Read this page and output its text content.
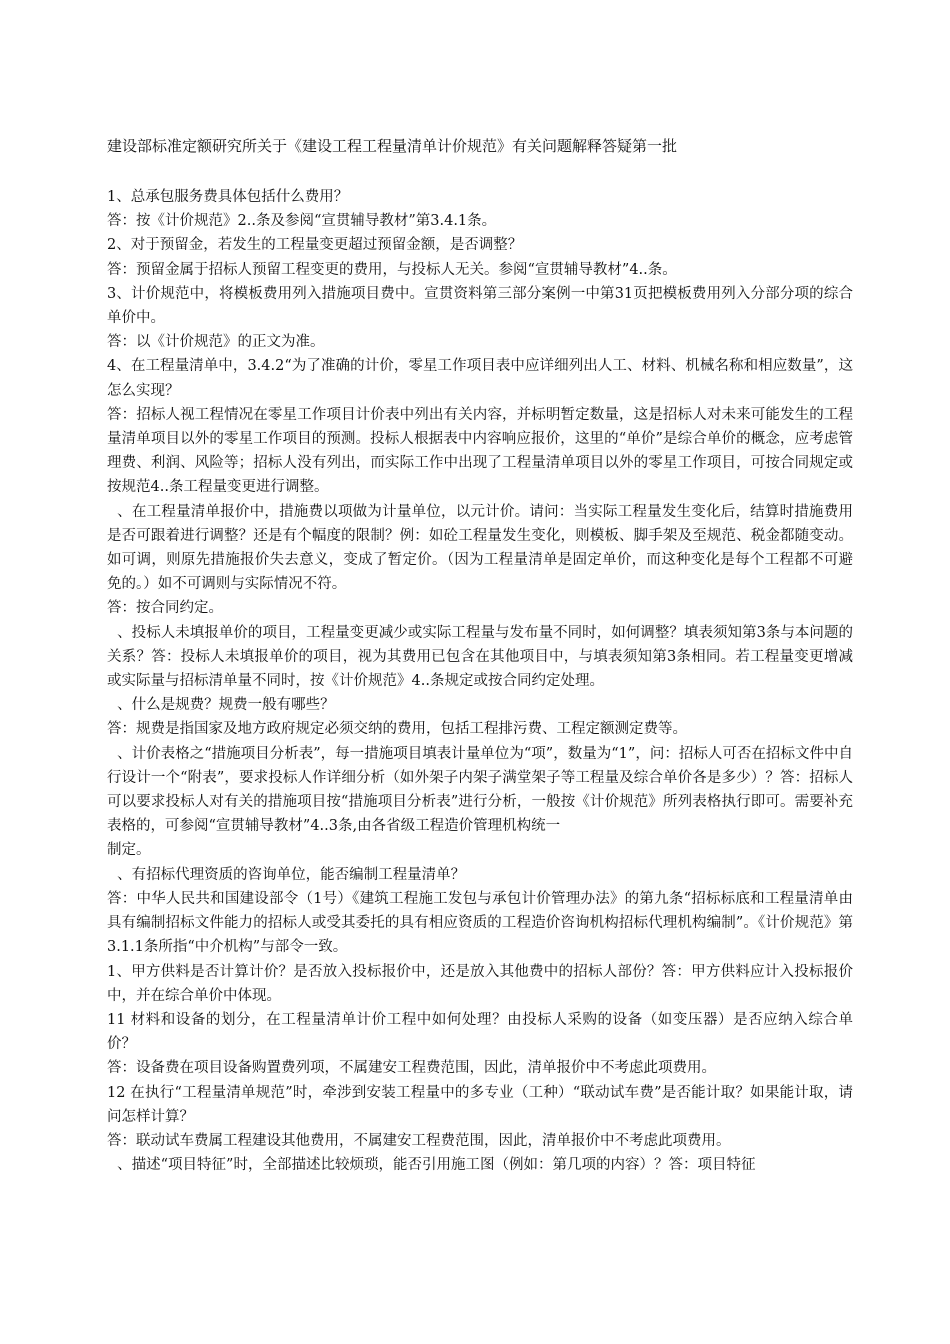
建设部标准定额研究所关于《建设工程工程量清单计价规范》有关问题解释答疑第一批

1、总承包服务费具体包括什么费用？

答：按《计价规范》2..条及参阅“宣贯辅导教材”第3.4.1条。

2、对于预留金，若发生的工程量变更超过预留金额，是否调整？

答：预留金属于招标人预留工程变更的费用，与投标人无关。参阅“宣贯辅导教材”4..条。

3、计价规范中，将模板费用列入措施项目费中。宣贯资料第三部分案例一中第31页把模板费用列入分部分项的综合单价中。

答：以《计价规范》的正文为准。

4、在工程量清单中，3.4.2“为了准确的计价，零星工作项目表中应详细列出人工、材料、机械名称和相应数量”，这怎么实现？

答：招标人视工程情况在零星工作项目计价表中列出有关内容，并标明暂定数量，这是招标人对未来可能发生的工程量清单项目以外的零星工作项目的预测。投标人根据表中内容响应报价，这里的“单价”是综合单价的概念，应考虑管理费、利润、风险等；招标人没有列出，而实际工作中出现了工程量清单项目以外的零星工作项目，可按合同规定或按规范4..条工程量变更进行调整。

、在工程量清单报价中，措施费以项做为计量单位，以元计价。请问：当实际工程量发生变化后，结算时措施费用是否可跟着进行调整？还是有个幅度的限制？例：如砼工程量发生变化，则模板、脚手架及至规范、税金都随变动。如可调，则原先措施报价失去意义，变成了暂定价。（因为工程量清单是固定单价，而这种变化是每个工程都不可避免的。）如不可调则与实际情况不符。

答：按合同约定。

、投标人未填报单价的项目，工程量变更减少或实际工程量与发布量不同时，如何调整？填表须知第3条与本问题的关系？答：投标人未填报单价的项目，视为其费用已包含在其他项目中，与填表须知第3条相同。若工程量变更增减或实际量与招标清单量不同时，按《计价规范》4..条规定或按合同约定处理。

、什么是规费？规费一般有哪些？

答：规费是指国家及地方政府规定必须交纳的费用，包括工程排污费、工程定额测定费等。

、计价表格之“措施项目分析表”，每一措施项目填表计量单位为“项”，数量为“1”，问：招标人可否在招标文件中自行设计一个“附表”，要求投标人作详细分析（如外架子内架子满堂架子等工程量及综合单价各是多少）？答：招标人可以要求投标人对有关的措施项目按“措施项目分析表”进行分析，一般按《计价规范》所列表格执行即可。需要补充表格的，可参阅“宣贯辅导教材”4..3条,由各省级工程造价管理机构统一

制定。

、有招标代理资质的咨询单位，能否编制工程量清单？

答：中华人民共和国建设部令（1号）《建筑工程施工发包与承包计价管理办法》的第九条“招标标底和工程量清单由具有编制招标文件能力的招标人或受其委托的具有相应资质的工程造价咨询机构招标代理机构编制”。《计价规范》第3.1.1条所指“中介机构”与部令一致。

1、甲方供料是否计算计价？是否放入投标报价中，还是放入其他费中的招标人部份？答：甲方供料应计入投标报价中，并在综合单价中体现。

11 材料和设备的划分，在工程量清单计价工程中如何处理？由投标人采购的设备（如变压器）是否应纳入综合单价？

答：设备费在项目设备购置费列项，不属建安工程费范围，因此，清单报价中不考虑此项费用。

12 在执行“工程量清单规范”时，牵涉到安装工程量中的多专业（工种）“联动试车费”是否能计取？如果能计取，请问怎样计算？

答：联动试车费属工程建设其他费用，不属建安工程费范围，因此，清单报价中不考虑此项费用。

、描述“项目特征”时，全部描述比较烦琐，能否引用施工图（例如：第几项的内容）？答：项目特征
